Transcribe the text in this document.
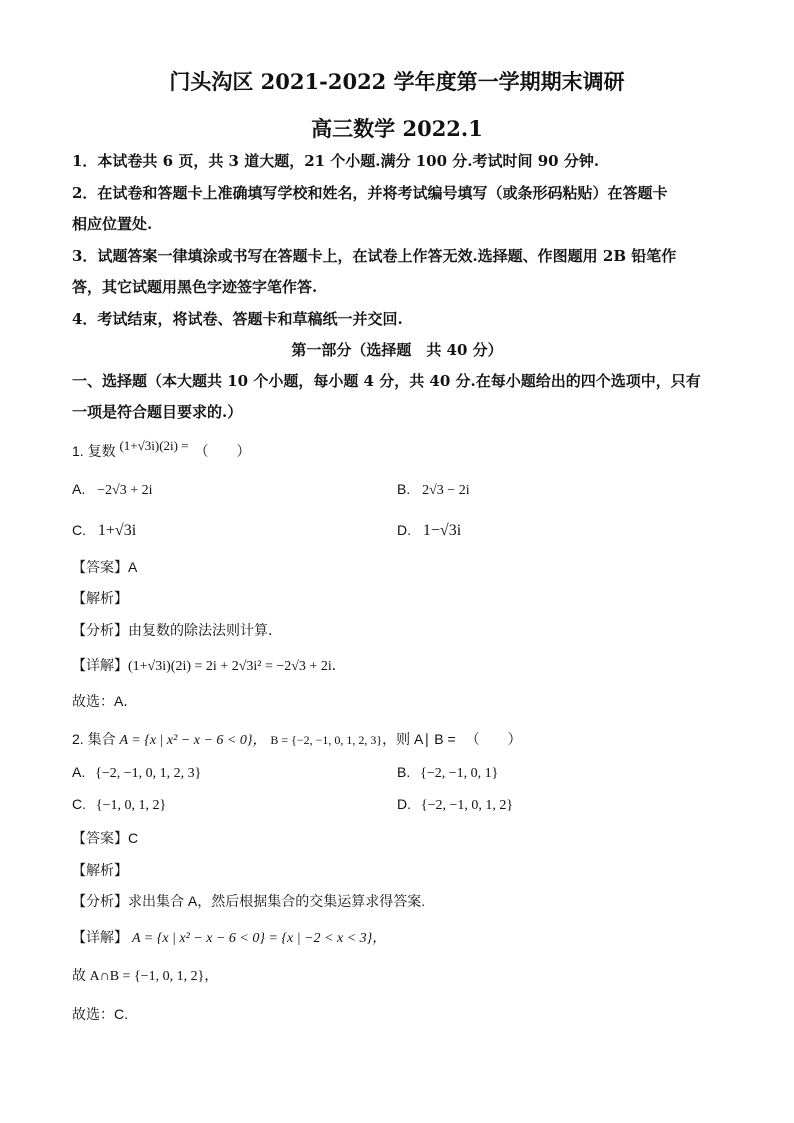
门头沟区 2021-2022 学年度第一学期期末调研
高三数学 2022.1
1．本试卷共 6 页，共 3 道大题，21 个小题.满分 100 分.考试时间 90 分钟.
2．在试卷和答题卡上准确填写学校和姓名，并将考试编号填写（或条形码粘贴）在答题卡
相应位置处.
3．试题答案一律填涂或书写在答题卡上，在试卷上作答无效.选择题、作图题用 2B 铅笔作
答，其它试题用黑色字迹签字笔作答.
4．考试结束，将试卷、答题卡和草稿纸一并交回.
第一部分（选择题　共 40 分）
一、选择题（本大题共 10 个小题，每小题 4 分，共 40 分.在每小题给出的四个选项中，只有
一项是符合题目要求的.）
1. 复数 (1+√3i)(2i) = （　　）
A. −2√3 + 2i	B. 2√3 − 2i
C. 1+√3i	D. 1−√3i
【答案】A
【解析】
【分析】由复数的除法法则计算．
【详解】(1+√3i)(2i) = 2i + 2√3i² = −2√3 + 2i．
故选：A．
2. 集合 A = {x | x² − x − 6 < 0}， B = {−2, −1, 0, 1, 2, 3}，则 A∣ B = （　　）
A. {−2, −1, 0, 1, 2, 3}	B. {−2, −1, 0, 1}
C. {−1, 0, 1, 2}	D. {−2, −1, 0, 1, 2}
【答案】C
【解析】
【分析】求出集合 A，然后根据集合的交集运算求得答案.
【详解】 A = {x | x² − x − 6 < 0} = {x | −2 < x < 3}，
故 A∩B = {−1, 0, 1, 2}，
故选：C.
